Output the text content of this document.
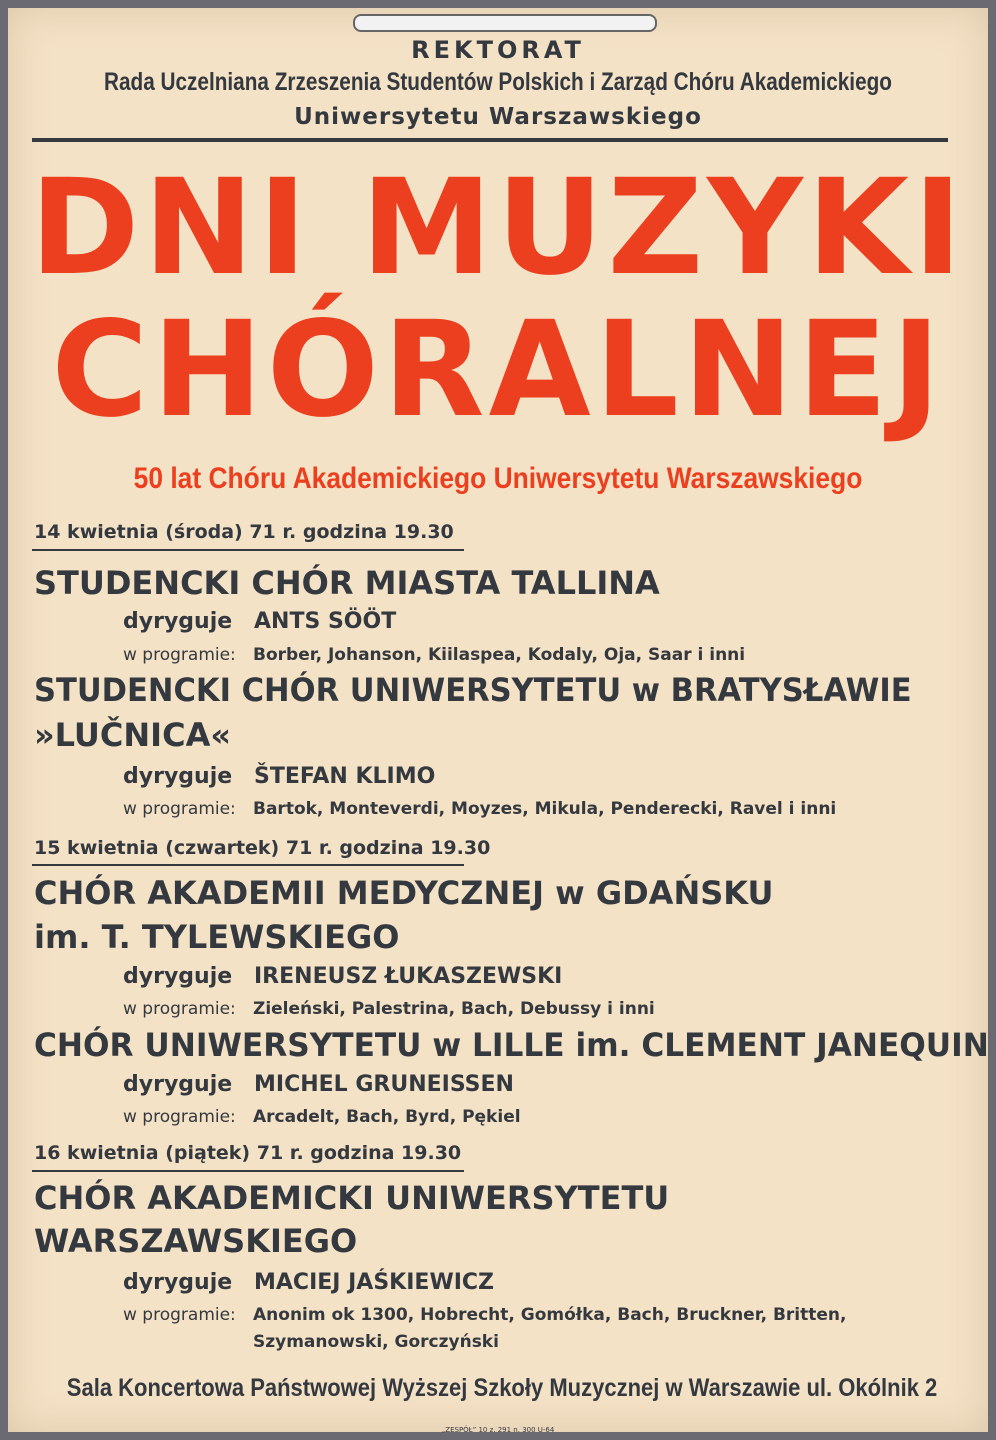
REKTORAT
Rada Uczelniana Zrzeszenia Studentów Polskich i Zarząd Chóru Akademickiego
Uniwersytetu Warszawskiego
DNI MUZYKI
CHÓRALNEJ
50 lat Chóru Akademickiego Uniwersytetu Warszawskiego
14 kwietnia (środa) 71 r. godzina 19.30
STUDENCKI CHÓR MIASTA TALLINA
dyryguje ANTS SÖÖT
w programie: Borber, Johanson, Kiilaspea, Kodaly, Oja, Saar i inni
STUDENCKI CHÓR UNIWERSYTETU w BRATYSŁAWIE
»LUČNICA«
dyryguje ŠTEFAN KLIMO
w programie: Bartok, Monteverdi, Moyzes, Mikula, Penderecki, Ravel i inni
15 kwietnia (czwartek) 71 r. godzina 19.30
CHÓR AKADEMII MEDYCZNEJ w GDAŃSKU
im. T. TYLEWSKIEGO
dyryguje IRENEUSZ ŁUKASZEWSKI
w programie: Zieleński, Palestrina, Bach, Debussy i inni
CHÓR UNIWERSYTETU w LILLE im. CLEMENT JANEQUIN
dyryguje MICHEL GRUNEISSEN
w programie: Arcadelt, Bach, Byrd, Pękiel
16 kwietnia (piątek) 71 r. godzina 19.30
CHÓR AKADEMICKI UNIWERSYTETU
WARSZAWSKIEGO
dyryguje MACIEJ JAŚKIEWICZ
w programie: Anonim ok 1300, Hobrecht, Gomółka, Bach, Bruckner, Britten,
Szymanowski, Gorczyński
Sala Koncertowa Państwowej Wyższej Szkoły Muzycznej w Warszawie ul. Okólnik 2
„ZESPÓŁ” 10 z. 291 n. 300 U-64
